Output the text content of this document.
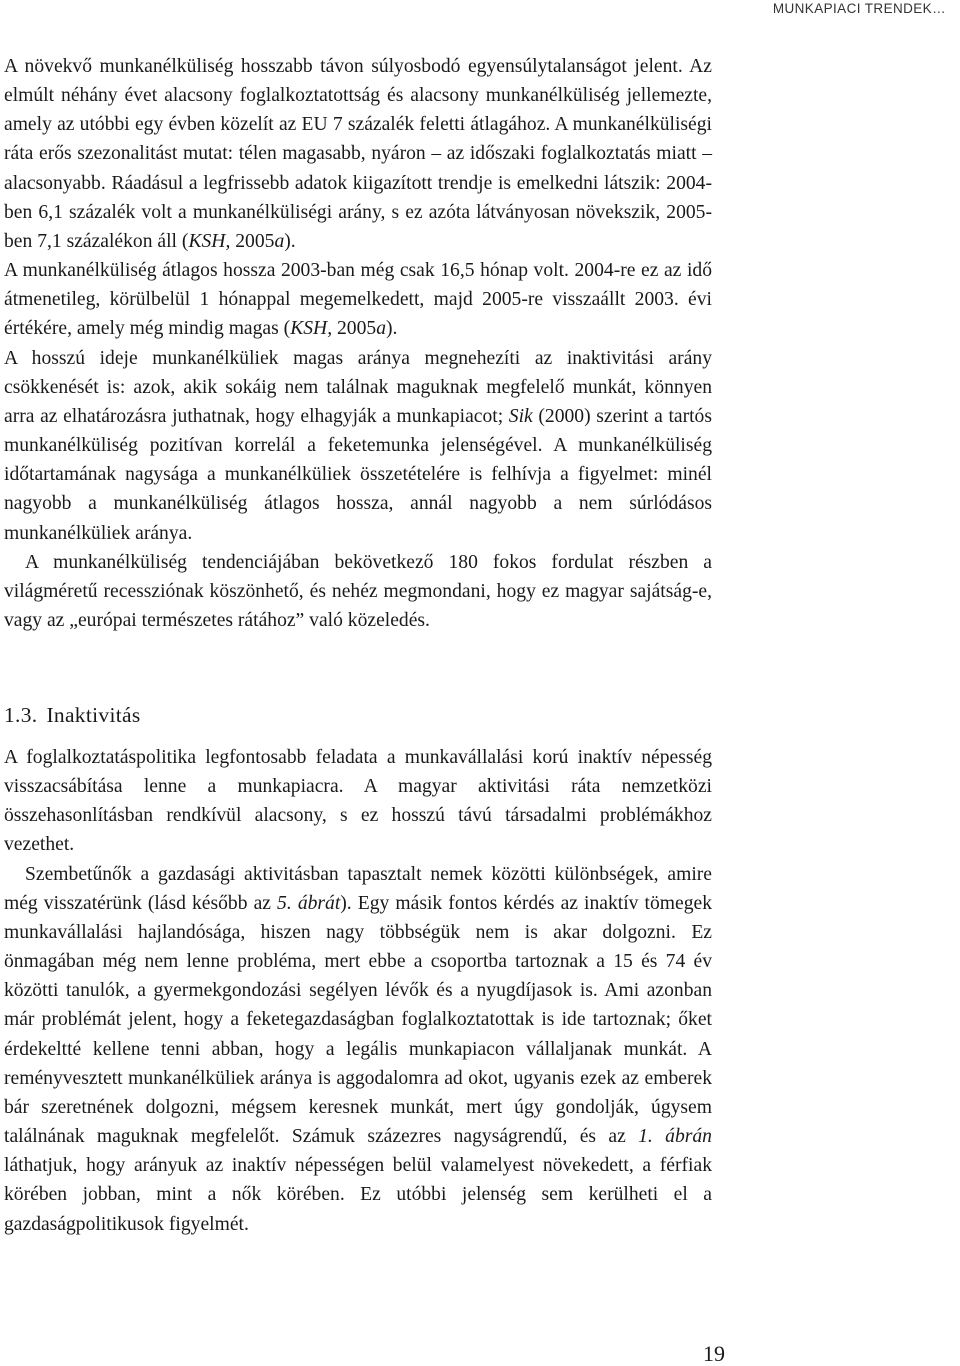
MUNKAPIACI TRENDEK…

A növekvő munkanélküliség hosszabb távon súlyosbodó egyensúlytalanságot jelent. Az elmúlt néhány évet alacsony foglalkoztatottság és alacsony munkanélküliség jellemezte, amely az utóbbi egy évben közelít az EU 7 százalék feletti átlagához. A munkanélküliségi ráta erős szezonalitást mutat: télen magasabb, nyáron – az időszaki foglalkoztatás miatt – alacsonyabb. Ráadásul a legfrissebb adatok kiigazított trendje is emelkedni látszik: 2004-ben 6,1 százalék volt a munkanélküliségi arány, s ez azóta látványosan növekszik, 2005-ben 7,1 százalékon áll (KSH, 2005a).

A munkanélküliség átlagos hossza 2003-ban még csak 16,5 hónap volt. 2004-re ez az idő átmenetileg, körülbelül 1 hónappal megemelkedett, majd 2005-re visszaállt 2003. évi értékére, amely még mindig magas (KSH, 2005a).

A hosszú ideje munkanélküliek magas aránya megnehezíti az inaktivitási arány csökkenését is: azok, akik sokáig nem találnak maguknak megfelelő munkát, könnyen arra az elhatározásra juthatnak, hogy elhagyják a munkapiacot; Sik (2000) szerint a tartós munkanélküliség pozitívan korrelál a feketemunka jelenségével. A munkanélküliség időtartamának nagysága a munkanélküliek összetételére is felhívja a figyelmet: minél nagyobb a munkanélküliség átlagos hossza, annál nagyobb a nem súrlódásos munkanélküliek aránya.

A munkanélküliség tendenciájában bekövetkező 180 fokos fordulat részben a világméretű recessziónak köszönhető, és nehéz megmondani, hogy ez magyar sajátság-e, vagy az „európai természetes rátához” való közeledés.

1.3. Inaktivitás

A foglalkoztatáspolitika legfontosabb feladata a munkavállalási korú inaktív népesség visszacsábítása lenne a munkapiacra. A magyar aktivitási ráta nemzetközi összehasonlításban rendkívül alacsony, s ez hosszú távú társadalmi problémákhoz vezethet.

Szembetűnők a gazdasági aktivitásban tapasztalt nemek közötti különbségek, amire még visszatérünk (lásd később az 5. ábrát). Egy másik fontos kérdés az inaktív tömegek munkavállalási hajlandósága, hiszen nagy többségük nem is akar dolgozni. Ez önmagában még nem lenne probléma, mert ebbe a csoportba tartoznak a 15 és 74 év közötti tanulók, a gyermekgondozási segélyen lévők és a nyugdíjasok is. Ami azonban már problémát jelent, hogy a feketegazdaságban foglalkoztatottak is ide tartoznak; őket érdekeltté kellene tenni abban, hogy a legális munkapiacon vállaljanak munkát. A reményvesztett munkanélküliek aránya is aggodalomra ad okot, ugyanis ezek az emberek bár szeretnének dolgozni, mégsem keresnek munkát, mert úgy gondolják, úgysem találnának maguknak megfelelőt. Számuk százezres nagyságrendű, és az 1. ábrán láthatjuk, hogy arányuk az inaktív népességen belül valamelyest növekedett, a férfiak körében jobban, mint a nők körében. Ez utóbbi jelenség sem kerülheti el a gazdaságpolitikusok figyelmét.

19
